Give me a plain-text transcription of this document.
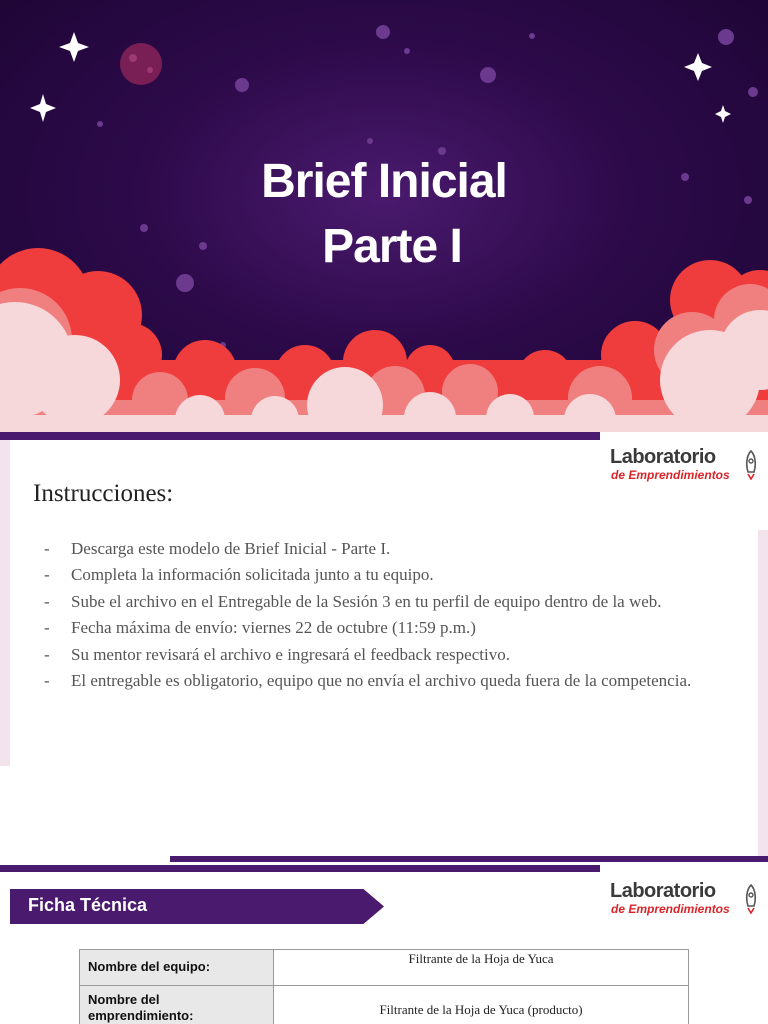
Brief Inicial
Parte I
Laboratorio
de Emprendimientos
Instrucciones:
- Descarga este modelo de Brief Inicial - Parte I.
- Completa la información solicitada junto a tu equipo.
- Sube el archivo en el Entregable de la Sesión 3 en tu perfil de equipo dentro de la web.
- Fecha máxima de envío: viernes 22 de octubre (11:59 p.m.)
- Su mentor revisará el archivo e ingresará el feedback respectivo.
- El entregable es obligatorio, equipo que no envía el archivo queda fuera de la competencia.
Ficha Técnica
Laboratorio
de Emprendimientos
Nombre del equipo:	Filtrante de la Hoja de Yuca
Nombre del emprendimiento:	Filtrante de la Hoja de Yuca (producto)
